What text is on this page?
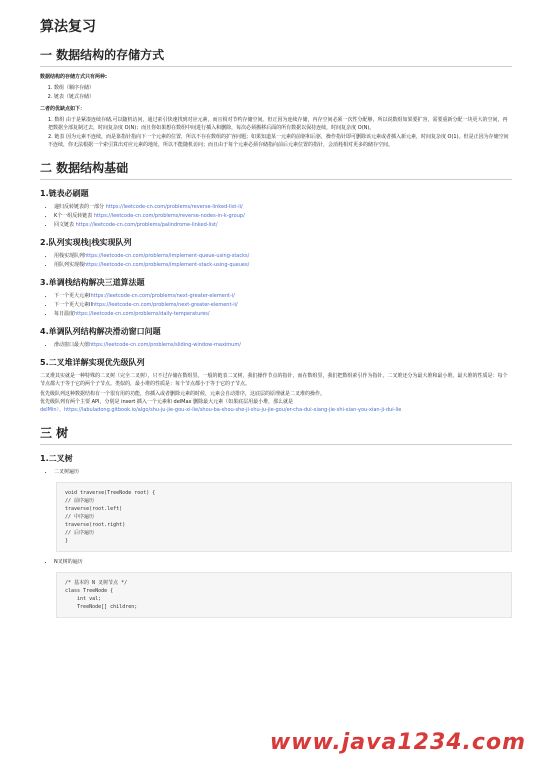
算法复习
一 数据结构的存储方式

数据结构的存储方式只有两种:

1. 数组（顺序存储）
2. 链表（链式存储）

二者的优缺点如下：

1. 数组 由于是紧凑连续存储,可以随机访问，通过索引快速找到对应元素，而且相对节约存储空间。但正因为连续存储，内存空间必须一次性分配够，所以说数组如果要扩容，需要重新分配一块更大的空间，再把数据全部复制过去，时间复杂度 O(N)；而且你如果想在数组中间进行插入和删除，每次必须搬移后面的所有数据以保持连续，时间复杂度 O(N)。
2. 链表 因为元素不连续，而是靠指针指向下一个元素的位置，所以不存在数组的扩容问题；如果知道某一元素的前驱和后驱，操作指针即可删除该元素或者插入新元素，时间复杂度 O(1)。但是正因为存储空间不连续，你无法根据一个索引算出对应元素的地址，所以不能随机访问；而且由于每个元素必须存储指向前后元素位置的指针，会消耗相对更多的储存空间。
二 数据结构基础
1.链表必刷题
• 递归反转链表的一部分 https://leetcode-cn.com/problems/reverse-linked-list-ii/
• K个一组反转链表 https://leetcode-cn.com/problems/reverse-nodes-in-k-group/
• 回文链表 https://leetcode-cn.com/problems/palindrome-linked-list/
2.队列实现栈|栈实现队列
• 用栈实现队列https://leetcode-cn.com/problems/implement-queue-using-stacks/
• 用队列实现栈https://leetcode-cn.com/problems/implement-stack-using-queues/
3.单调栈结构解决三道算法题
• 下一个更大元素Ihttps://leetcode-cn.com/problems/next-greater-element-i/
• 下一个更大元素IIhttps://leetcode-cn.com/problems/next-greater-element-ii/
• 每日温度https://leetcode-cn.com/problems/daily-temperatures/
4.单调队列结构解决滑动窗口问题
• 滑动窗口最大值https://leetcode-cn.com/problems/sliding-window-maximum/
5.二叉堆详解实现优先级队列

二叉堆其实就是一种特殊的二叉树（完全二叉树），只不过存储在数组里。一般的链表二叉树，我们操作节点的指针，而在数组里，我们把数组索引作为指针。二叉堆还分为最大堆和最小堆。最大堆的性质是：每个节点都大于等于它的两个子节点。类似的，最小堆的性质是：每个节点都小于等于它的子节点。

优先级队列这种数据结构有一个很有用的功能，你插入或者删除元素的时候，元素会自动排序，这底层的原理就是二叉堆的操作。
优先级队列有两个主要 API，分别是 insert 插入一个元素和 delMax 删除最大元素（如果底层用最小堆，那么就是
delMin）。https://labuladong.gitbook.io/algo/shu-ju-jie-gou-xi-lie/shou-ba-shou-she-ji-shu-ju-jie-gou/er-cha-dui-xiang-jie-shi-xian-you-xian-ji-dui-lie

三 树
1.二叉树
• 二叉树遍历
void traverse(TreeNode root) {
// 前序遍历
traverse(root.left)
// 中序遍历
traverse(root.right)
// 后序遍历
}
• N叉树的遍历
/* 基本的 N 叉树节点 */
class TreeNode {
int val;
TreeNode[] children;
www.java1234.com
